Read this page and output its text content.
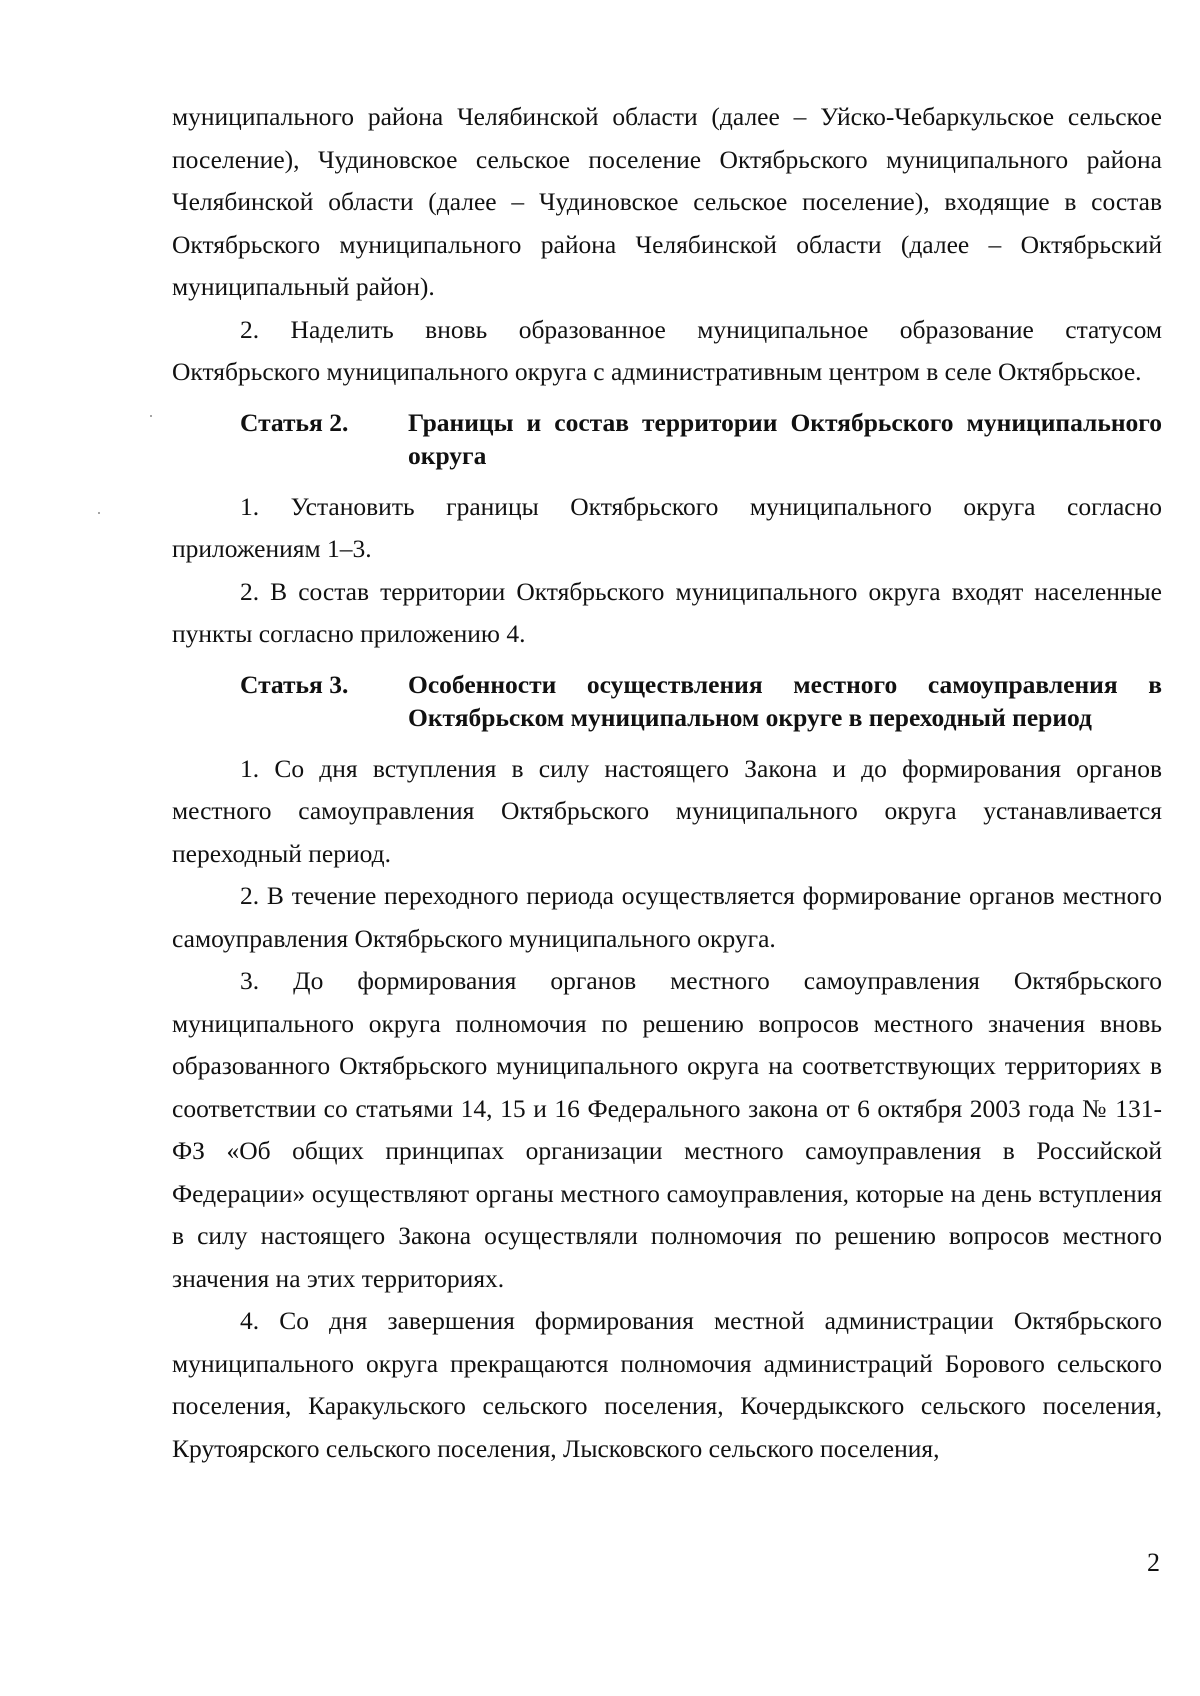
муниципального района Челябинской области (далее – Уйско-Чебаркульское сельское поселение), Чудиновское сельское поселение Октябрьского муниципального района Челябинской области (далее – Чудиновское сельское поселение), входящие в состав Октябрьского муниципального района Челябинской области (далее – Октябрьский муниципальный район).

2. Наделить вновь образованное муниципальное образование статусом Октябрьского муниципального округа с административным центром в селе Октябрьское.

Статья 2.	Границы и состав территории Октябрьского муниципального округа

1. Установить границы Октябрьского муниципального округа согласно приложениям 1–3.

2. В состав территории Октябрьского муниципального округа входят населенные пункты согласно приложению 4.

Статья 3.	Особенности осуществления местного самоуправления в Октябрьском муниципальном округе в переходный период

1. Со дня вступления в силу настоящего Закона и до формирования органов местного самоуправления Октябрьского муниципального округа устанавливается переходный период.

2. В течение переходного периода осуществляется формирование органов местного самоуправления Октябрьского муниципального округа.

3. До формирования органов местного самоуправления Октябрьского муниципального округа полномочия по решению вопросов местного значения вновь образованного Октябрьского муниципального округа на соответствующих территориях в соответствии со статьями 14, 15 и 16 Федерального закона от 6 октября 2003 года № 131-ФЗ «Об общих принципах организации местного самоуправления в Российской Федерации» осуществляют органы местного самоуправления, которые на день вступления в силу настоящего Закона осуществляли полномочия по решению вопросов местного значения на этих территориях.

4. Со дня завершения формирования местной администрации Октябрьского муниципального округа прекращаются полномочия администраций Борового сельского поселения, Каракульского сельского поселения, Кочердыкского сельского поселения, Крутоярского сельского поселения, Лысковского сельского поселения,

2
